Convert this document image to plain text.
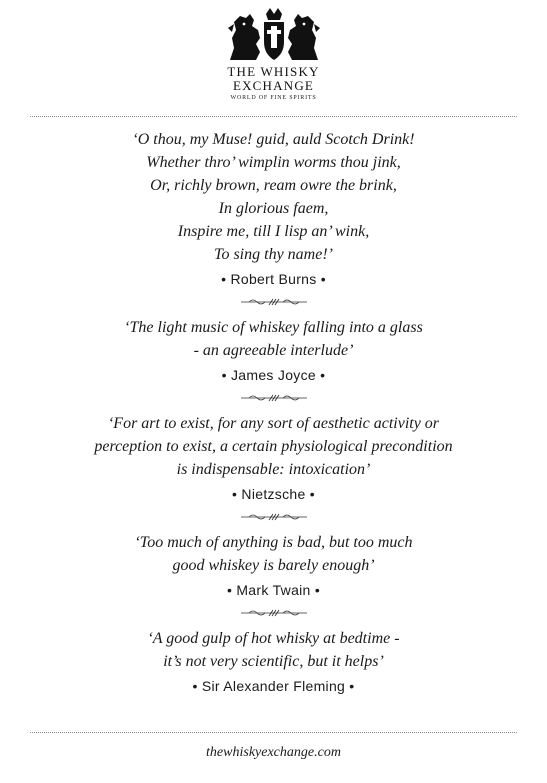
THE WHISKY
EXCHANGE
WORLD OF FINE SPIRITS
‘O thou, my Muse! guid, auld Scotch Drink!
Whether thro’ wimplin worms thou jink,
Or, richly brown, ream owre the brink,
In glorious faem,
Inspire me, till I lisp an’ wink,
To sing thy name!’
• Robert Burns •
‘The light music of whiskey falling into a glass
- an agreeable interlude’
• James Joyce •
‘For art to exist, for any sort of aesthetic activity or
perception to exist, a certain physiological precondition
is indispensable: intoxication’
• Nietzsche •
‘Too much of anything is bad, but too much
good whiskey is barely enough’
• Mark Twain •
‘A good gulp of hot whisky at bedtime -
it’s not very scientific, but it helps’
• Sir Alexander Fleming •
thewhiskyexchange.com
